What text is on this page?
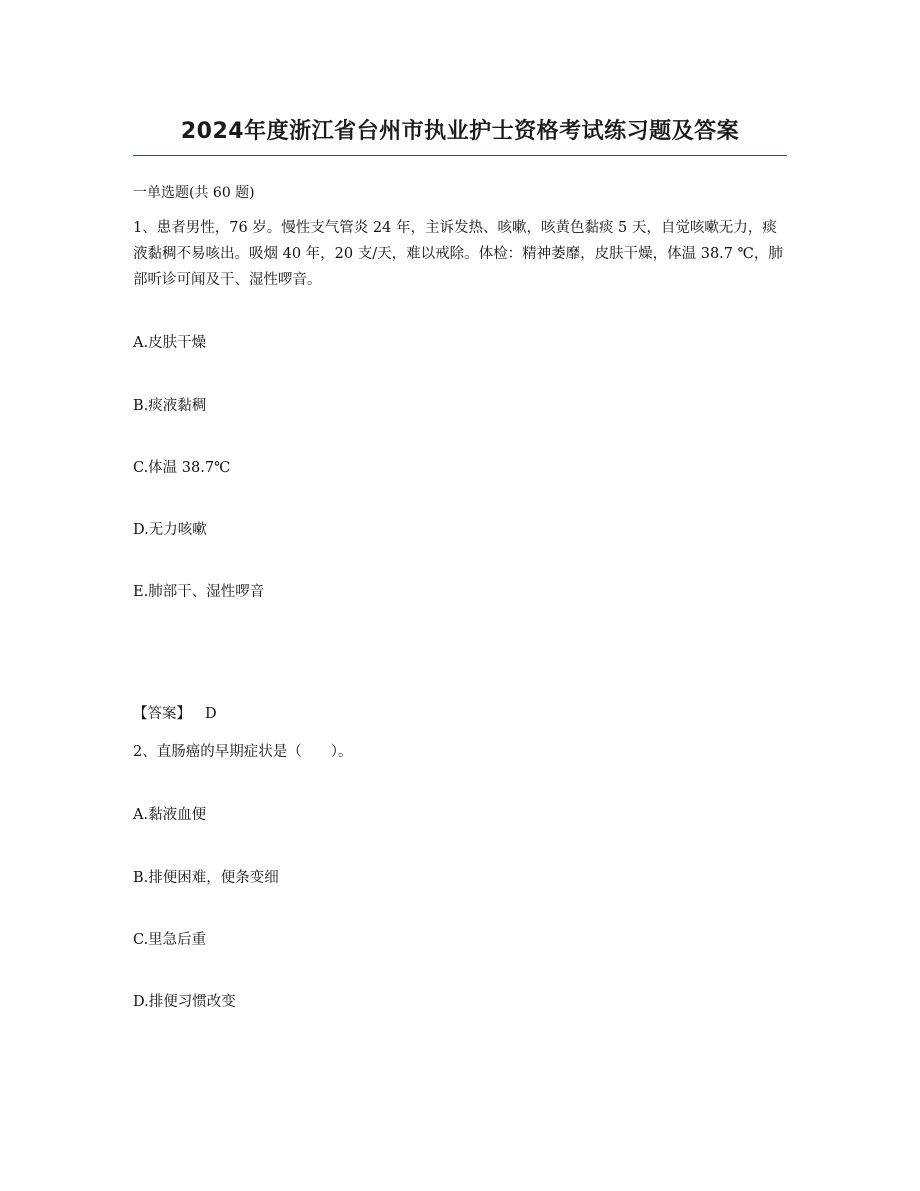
2024年度浙江省台州市执业护士资格考试练习题及答案
一单选题(共 60 题)
1、患者男性，76 岁。慢性支气管炎 24 年，主诉发热、咳嗽，咳黄色黏痰 5 天，自觉咳嗽无力，痰液黏稠不易咳出。吸烟 40 年，20 支/天，难以戒除。体检：精神萎靡，皮肤干燥，体温 38.7 ℃，肺部听诊可闻及干、湿性啰音。
A.皮肤干燥
B.痰液黏稠
C.体温 38.7℃
D.无力咳嗽
E.肺部干、湿性啰音
【答案】 D
2、直肠癌的早期症状是（　　）。
A.黏液血便
B.排便困难，便条变细
C.里急后重
D.排便习惯改变
